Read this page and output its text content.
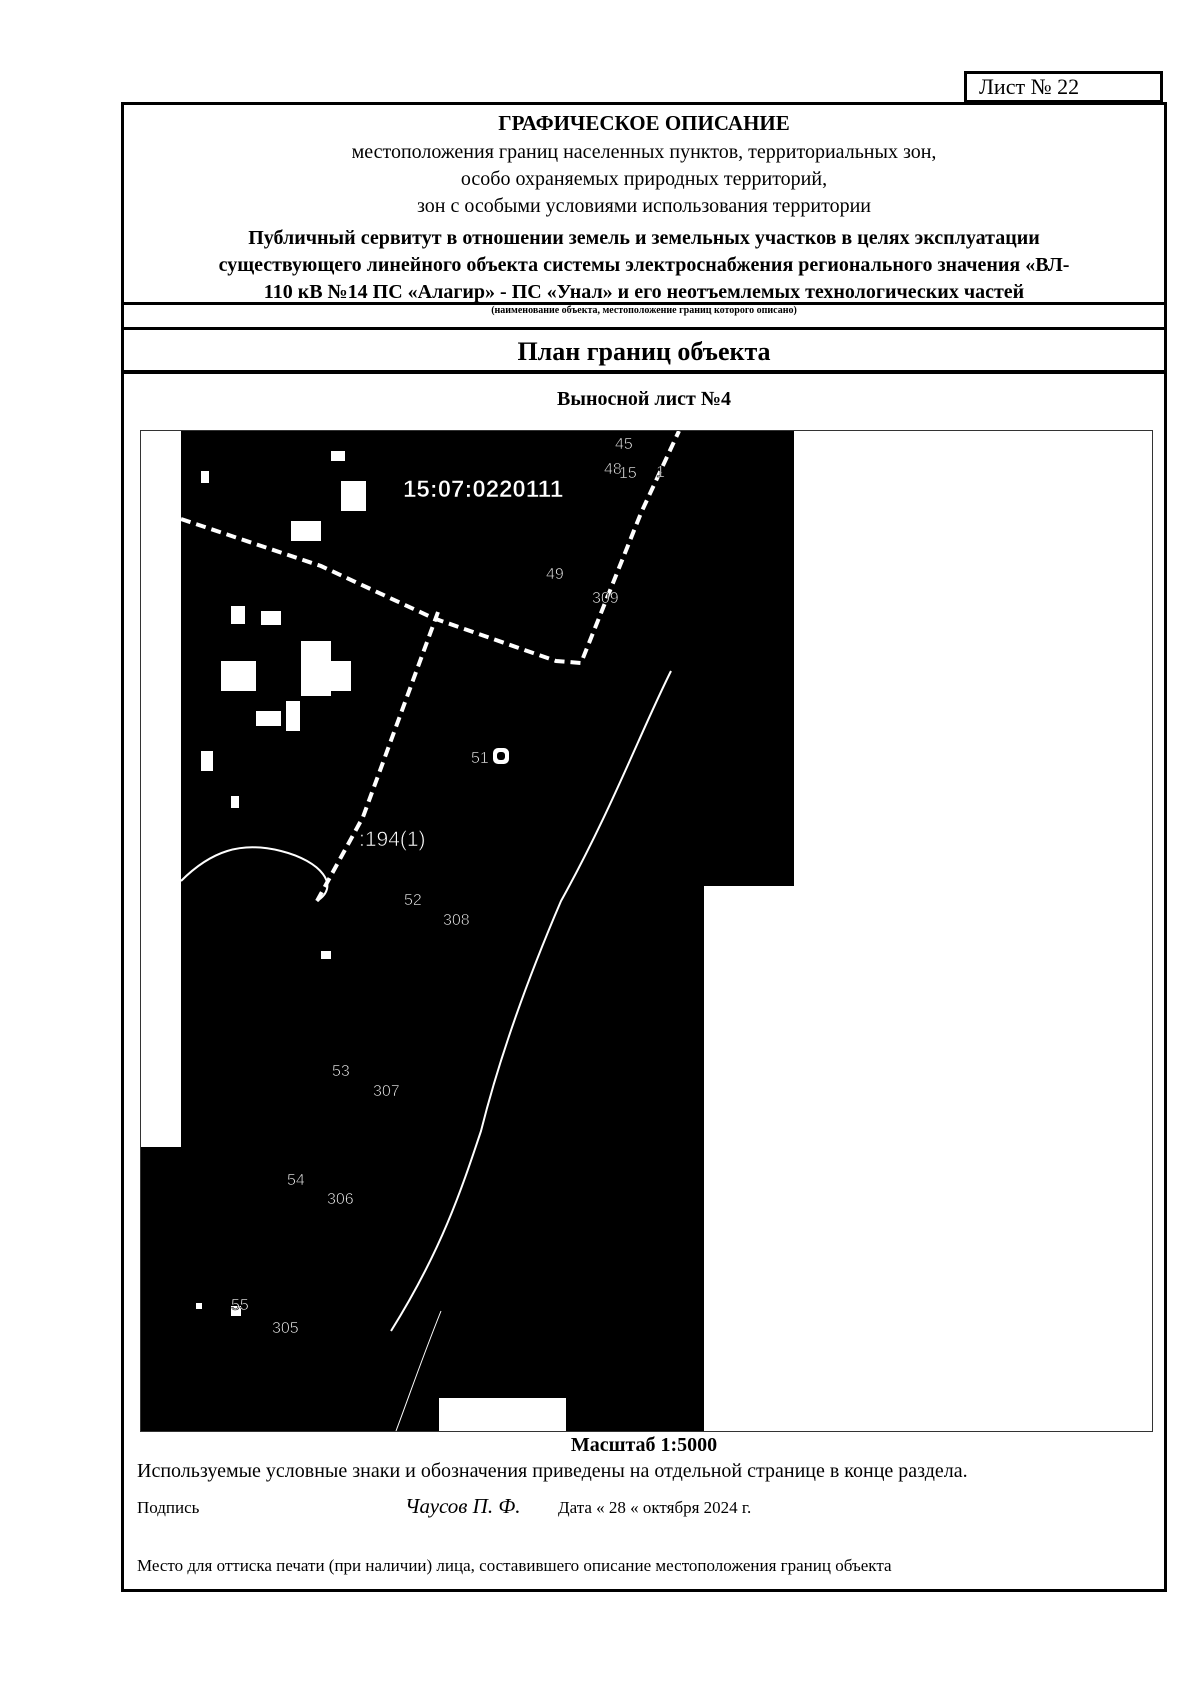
Лист № 22
ГРАФИЧЕСКОЕ ОПИСАНИЕ
местоположения границ населенных пунктов, территориальных зон,
особо охраняемых природных территорий,
зон с особыми условиями использования территории
Публичный сервитут в отношении земель и земельных участков в целях эксплуатации
существующего линейного объекта системы электроснабжения регионального значения «ВЛ-
110 кВ №14 ПС «Алагир» - ПС «Унал» и его неотъемлемых технологических частей
(наименование объекта, местоположение границ которого описано)
План границ объекта
Выносной лист №4
15:07:0220111
:194(1)
45
48
15 1
49
309
51
52
308
53
307
54
306
55
305
Масштаб 1:5000
Используемые условные знаки и обозначения приведены на отдельной странице в конце раздела.
Подпись	Чаусов П. Ф. Дата « 28 « октября 2024 г.
Место для оттиска печати (при наличии) лица, составившего описание местоположения границ объекта
